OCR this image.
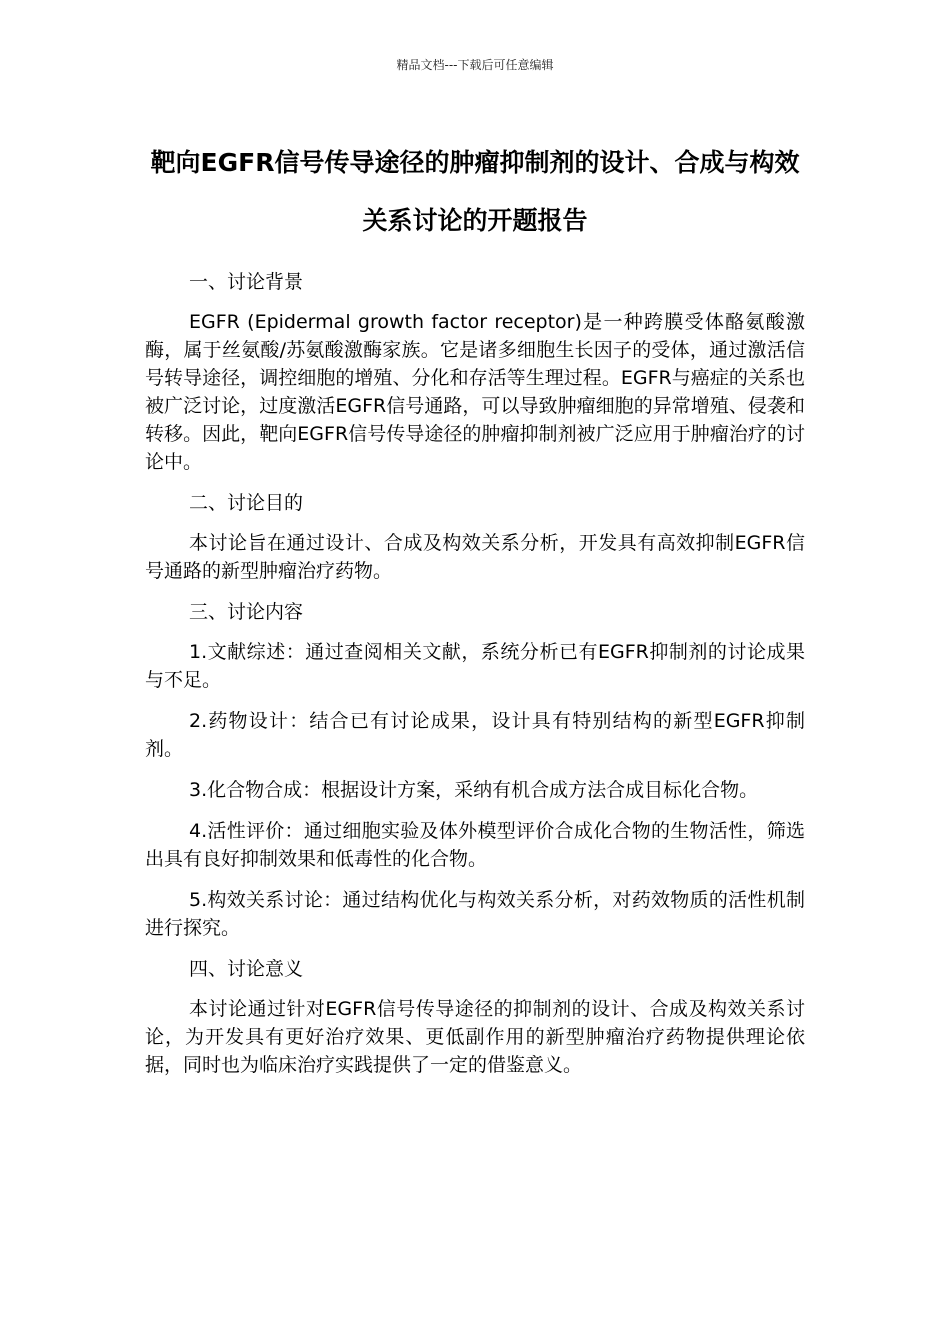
精品文档---下载后可任意编辑
靶向EGFR信号传导途径的肿瘤抑制剂的设计、合成与构效关系讨论的开题报告

一、讨论背景

EGFR (Epidermal growth factor receptor)是一种跨膜受体酪氨酸激酶，属于丝氨酸/苏氨酸激酶家族。它是诸多细胞生长因子的受体，通过激活信号转导途径，调控细胞的增殖、分化和存活等生理过程。EGFR与癌症的关系也被广泛讨论，过度激活EGFR信号通路，可以导致肿瘤细胞的异常增殖、侵袭和转移。因此，靶向EGFR信号传导途径的肿瘤抑制剂被广泛应用于肿瘤治疗的讨论中。

二、讨论目的

本讨论旨在通过设计、合成及构效关系分析，开发具有高效抑制EGFR信号通路的新型肿瘤治疗药物。

三、讨论内容

1.文献综述：通过查阅相关文献，系统分析已有EGFR抑制剂的讨论成果与不足。

2.药物设计：结合已有讨论成果，设计具有特别结构的新型EGFR抑制剂。

3.化合物合成：根据设计方案，采纳有机合成方法合成目标化合物。

4.活性评价：通过细胞实验及体外模型评价合成化合物的生物活性，筛选出具有良好抑制效果和低毒性的化合物。

5.构效关系讨论：通过结构优化与构效关系分析，对药效物质的活性机制进行探究。

四、讨论意义

本讨论通过针对EGFR信号传导途径的抑制剂的设计、合成及构效关系讨论，为开发具有更好治疗效果、更低副作用的新型肿瘤治疗药物提供理论依据，同时也为临床治疗实践提供了一定的借鉴意义。
